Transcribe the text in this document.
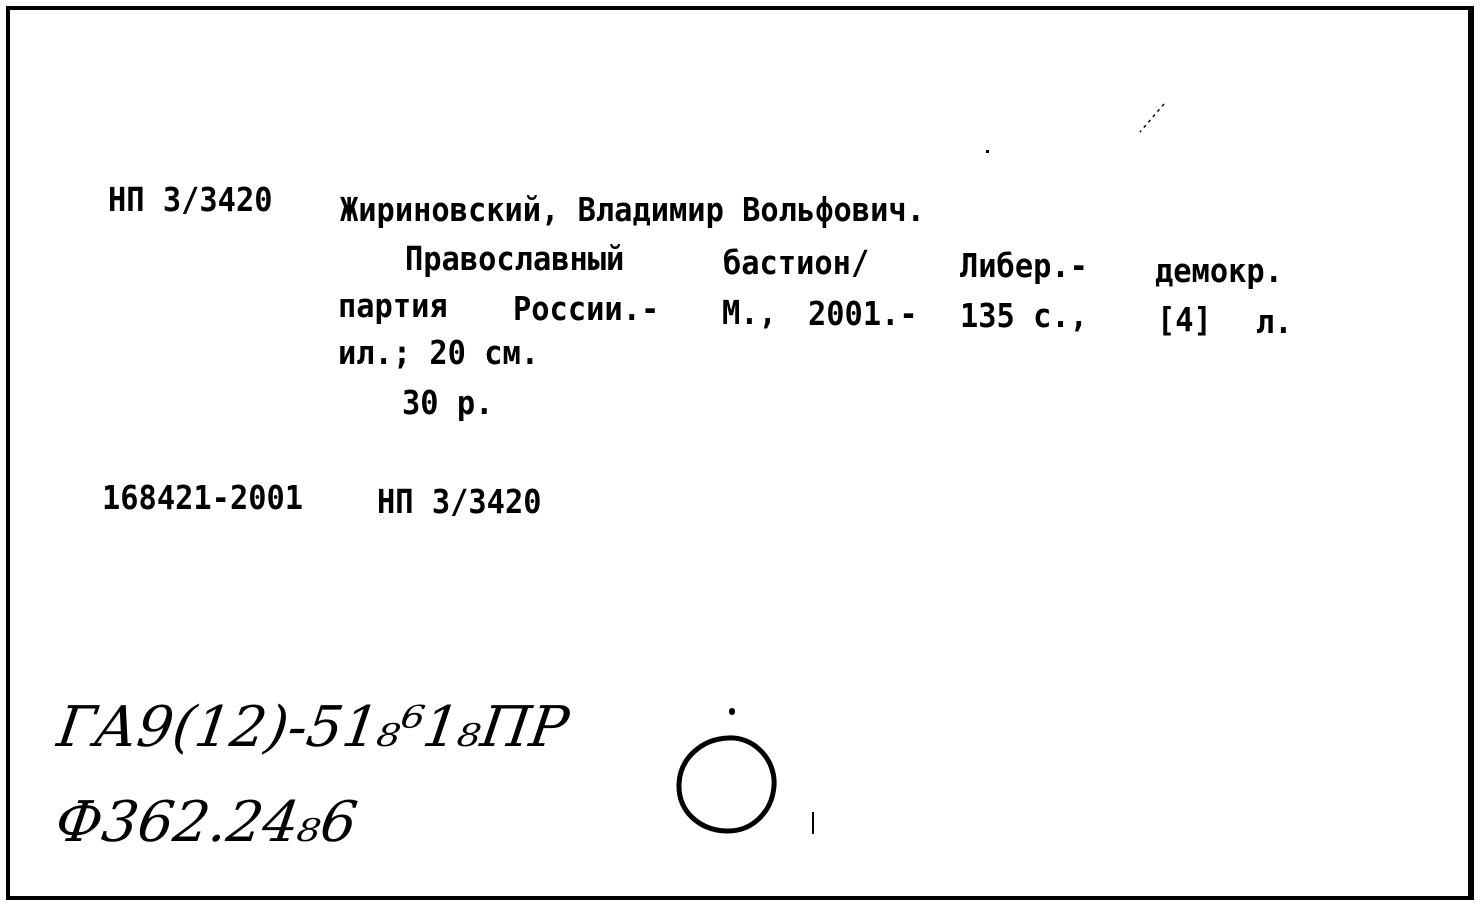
НП 3/3420 Жириновский, Владимир Вольфович.
Православный	бастион/	Либер.- демокр.
партия России.- М., 2001.- 135 с., [4] л.
ил.; 20 см.
30 р.
168421-2001 НП 3/3420
ГА9(12)-51₈⁶1₈ПР
Ф362.24₈6
